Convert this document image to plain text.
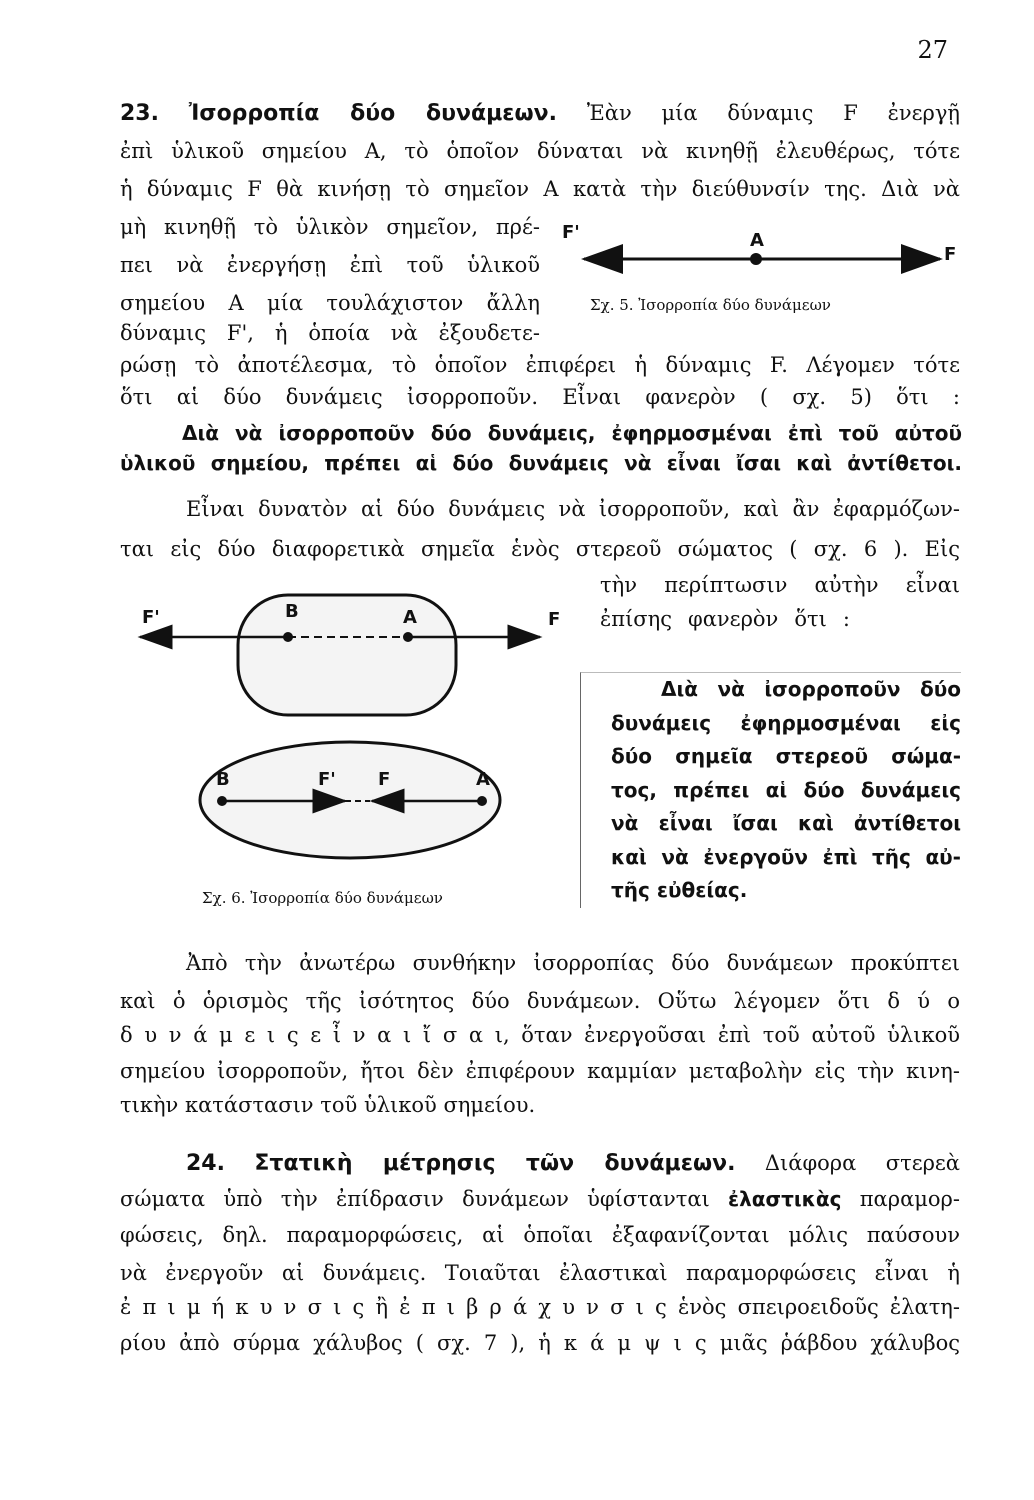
27
23. Ἰσορροπία δύο δυνάμεων. Ἐὰν μία δύναμις F ἐνεργῇ
ἐπὶ ὑλικοῦ σημείου A, τὸ ὁποῖον δύναται νὰ κινηθῇ ἐλευθέρως, τότε
ἡ δύναμις F θὰ κινήσῃ τὸ σημεῖον A κατὰ τὴν διεύθυνσίν της. Διὰ νὰ
μὴ κινηθῇ τὸ ὑλικὸν σημεῖον, πρέ-
πει νὰ ἐνεργήσῃ ἐπὶ τοῦ ὑλικοῦ
σημείου A μία τουλάχιστον ἄλλη
δύναμις F', ἡ ὁποία νὰ ἐξουδετε-
F'	A
F
Σχ. 5. Ἰσορροπία δύο δυνάμεων
ρώσῃ τὸ ἀποτέλεσμα, τὸ ὁποῖον ἐπιφέρει ἡ δύναμις F. Λέγομεν τότε
ὅτι αἱ δύο δυνάμεις ἰσορροποῦν. Εἶναι φανερὸν ( σχ. 5) ὅτι :
Διὰ νὰ ἰσορροποῦν δύο δυνάμεις, ἐφηρμοσμέναι ἐπὶ τοῦ αὐτοῦ
ὑλικοῦ σημείου, πρέπει αἱ δύο δυνάμεις νὰ εἶναι ἴσαι καὶ ἀντίθετοι.
Εἶναι δυνατὸν αἱ δύο δυνάμεις νὰ ἰσορροποῦν, καὶ ἂν ἐφαρμόζων-
ται εἰς δύο διαφορετικὰ σημεῖα ἑνὸς στερεοῦ σώματος ( σχ. 6 ). Εἰς
τὴν περίπτωσιν αὐτὴν εἶναι
ἐπίσης φανερὸν ὅτι :
F'	B	A	F
B	F' F	A
Σχ. 6. Ἰσορροπία δύο δυνάμεων
Διὰ νὰ ἰσορροποῦν δύο
δυνάμεις ἐφηρμοσμέναι εἰς
δύο σημεῖα στερεοῦ σώμα-
τος, πρέπει αἱ δύο δυνάμεις
νὰ εἶναι ἴσαι καὶ ἀντίθετοι
καὶ νὰ ἐνεργοῦν ἐπὶ τῆς αὐ-
τῆς εὐθείας.
Ἀπὸ τὴν ἀνωτέρω συνθήκην ἰσορροπίας δύο δυνάμεων προκύπτει
καὶ ὁ ὁρισμὸς τῆς ἰσότητος δύο δυνάμεων. Οὕτω λέγομεν ὅτι δ ύ ο
δ υ ν ά μ ε ι ς ε ἶ ν α ι ἴ σ α ι, ὅταν ἐνεργοῦσαι ἐπὶ τοῦ αὐτοῦ ὑλικοῦ
σημείου ἰσορροποῦν, ἤτοι δὲν ἐπιφέρουν καμμίαν μεταβολὴν εἰς τὴν κινη-
τικὴν κατάστασιν τοῦ ὑλικοῦ σημείου.
24. Στατικὴ μέτρησις τῶν δυνάμεων. Διάφορα στερεὰ
σώματα ὑπὸ τὴν ἐπίδρασιν δυνάμεων ὑφίστανται ἐλαστικὰς παραμορ-
φώσεις, δηλ. παραμορφώσεις, αἱ ὁποῖαι ἐξαφανίζονται μόλις παύσουν
νὰ ἐνεργοῦν αἱ δυνάμεις. Τοιαῦται ἐλαστικαὶ παραμορφώσεις εἶναι ἡ
ἐ π ι μ ή κ υ ν σ ι ς ἢ ἐ π ι β ρ ά χ υ ν σ ι ς ἑνὸς σπειροειδοῦς ἐλατη-
ρίου ἀπὸ σύρμα χάλυβος ( σχ. 7 ), ἡ κ ά μ ψ ι ς μιᾶς ῥάβδου χάλυβος
